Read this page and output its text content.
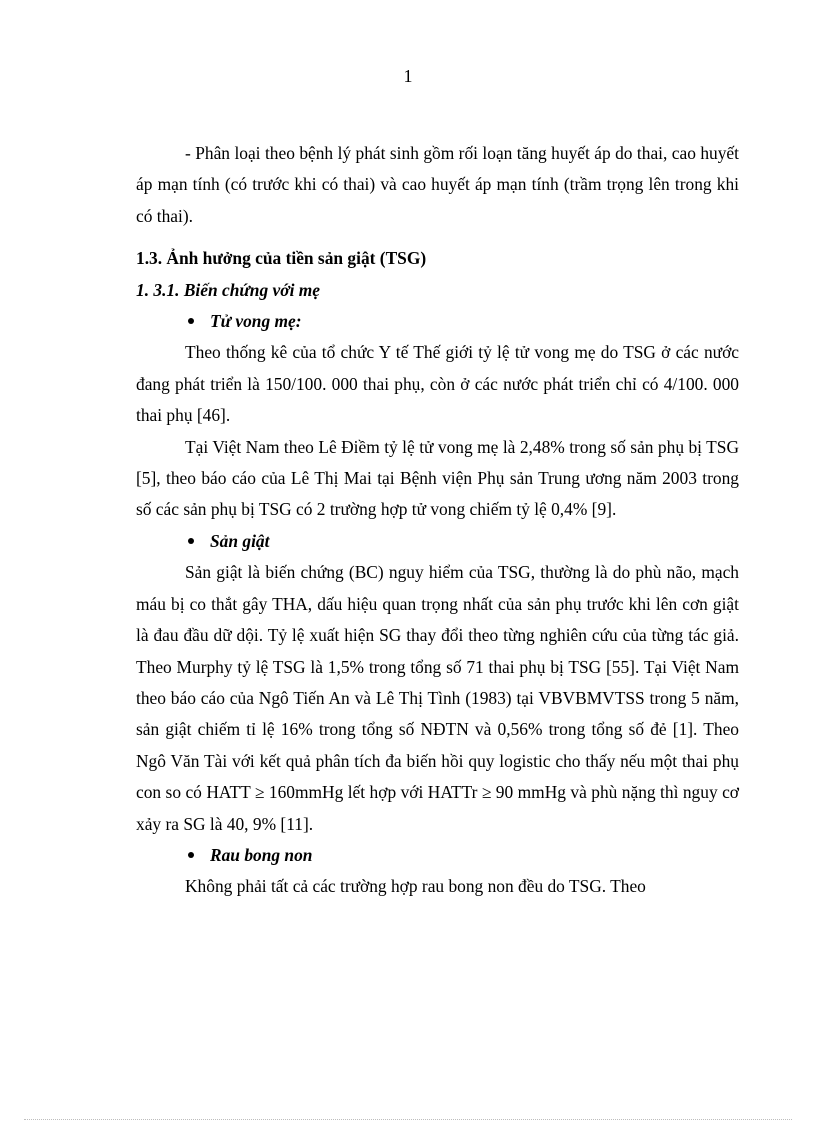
1

- Phân loại theo bệnh lý phát sinh gồm rối loạn tăng huyết áp do thai, cao huyết áp mạn tính (có trước khi có thai) và cao huyết áp mạn tính (trầm trọng lên trong khi có thai).

1.3. Ảnh hưởng của tiền sản giật (TSG)

1. 3.1. Biến chứng với mẹ

Tử vong mẹ:

Theo thống kê của tổ chức Y tế Thế giới tỷ lệ tử vong mẹ do TSG ở các nước đang phát triển là 150/100. 000 thai phụ, còn ở các nước phát triển chỉ có 4/100. 000 thai phụ [46].

Tại Việt Nam theo Lê Điềm tỷ lệ tử vong mẹ là 2,48% trong số sản phụ bị TSG [5], theo báo cáo của Lê Thị Mai tại Bệnh viện Phụ sản Trung ương năm 2003 trong số các sản phụ bị TSG có 2 trường hợp tử vong chiếm tỷ lệ 0,4% [9].

Sản giật

Sản giật là biến chứng (BC) nguy hiểm của TSG, thường là do phù não, mạch máu bị co thắt gây THA, dấu hiệu quan trọng nhất của sản phụ trước khi lên cơn giật là đau đầu dữ dội. Tỷ lệ xuất hiện SG thay đổi theo từng nghiên cứu của từng tác giả. Theo Murphy tỷ lệ TSG là 1,5% trong tổng số 71 thai phụ bị TSG [55]. Tại Việt Nam theo báo cáo của Ngô Tiến An và Lê Thị Tình (1983) tại VBVBMVTSS trong 5 năm, sản giật chiếm tỉ lệ 16% trong tổng số NĐTN và 0,56% trong tổng số đẻ [1]. Theo Ngô Văn Tài với kết quả phân tích đa biến hồi quy logistic cho thấy nếu một thai phụ con so có HATT ≥ 160mmHg lết hợp với HATTr ≥ 90 mmHg và phù nặng thì nguy cơ xảy ra SG là 40, 9% [11].

Rau bong non

Không phải tất cả các trường hợp rau bong non đều do TSG. Theo
